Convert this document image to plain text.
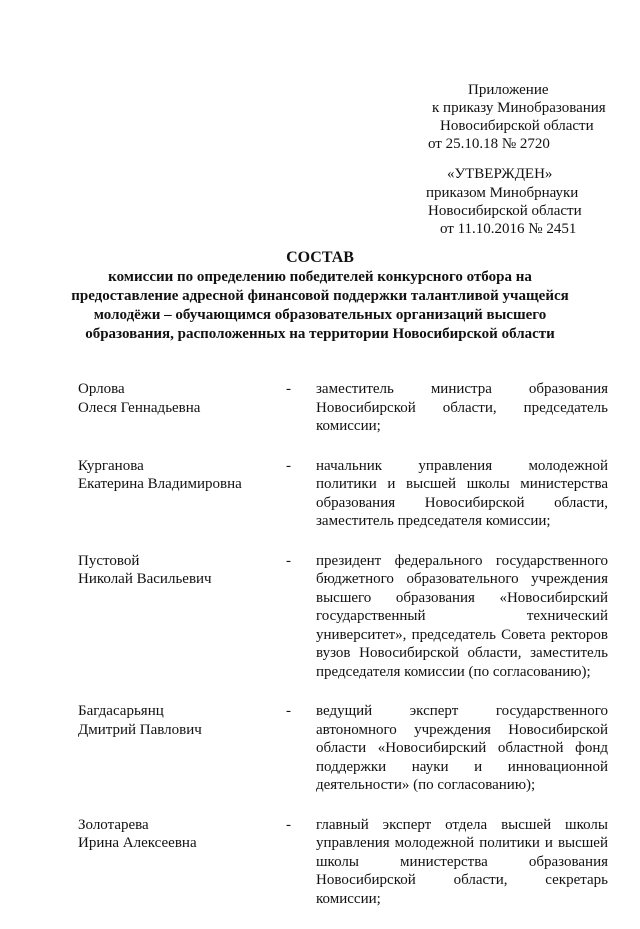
Приложение
к приказу Минобразования
Новосибирской области
от 25.10.18 № 2720
«УТВЕРЖДЕН»
приказом Минобрнауки
Новосибирской области
от 11.10.2016 № 2451
СОСТАВ
комиссии по определению победителей конкурсного отбора на
предоставление адресной финансовой поддержки талантливой учащейся
молодёжи – обучающимся образовательных организаций высшего
образования, расположенных на территории Новосибирской области
Орлова
Олеся Геннадьевна
- заместитель министра образования
Новосибирской области, председатель
комиссии;
Курганова
Екатерина Владимировна
- начальник управления молодежной
политики и высшей школы министерства
образования Новосибирской области,
заместитель председателя комиссии;
Пустовой
Николай Васильевич
- президент федерального государственного
бюджетного образовательного учреждения
высшего образования «Новосибирский
государственный технический
университет», председатель Совета ректоров
вузов Новосибирской области, заместитель
председателя комиссии (по согласованию);
Багдасарьянц
Дмитрий Павлович
- ведущий эксперт государственного
автономного учреждения Новосибирской
области «Новосибирский областной фонд
поддержки науки и инновационной
деятельности» (по согласованию);
Золотарева
Ирина Алексеевна
- главный эксперт отдела высшей школы
управления молодежной политики и высшей
школы министерства образования
Новосибирской области, секретарь
комиссии;
